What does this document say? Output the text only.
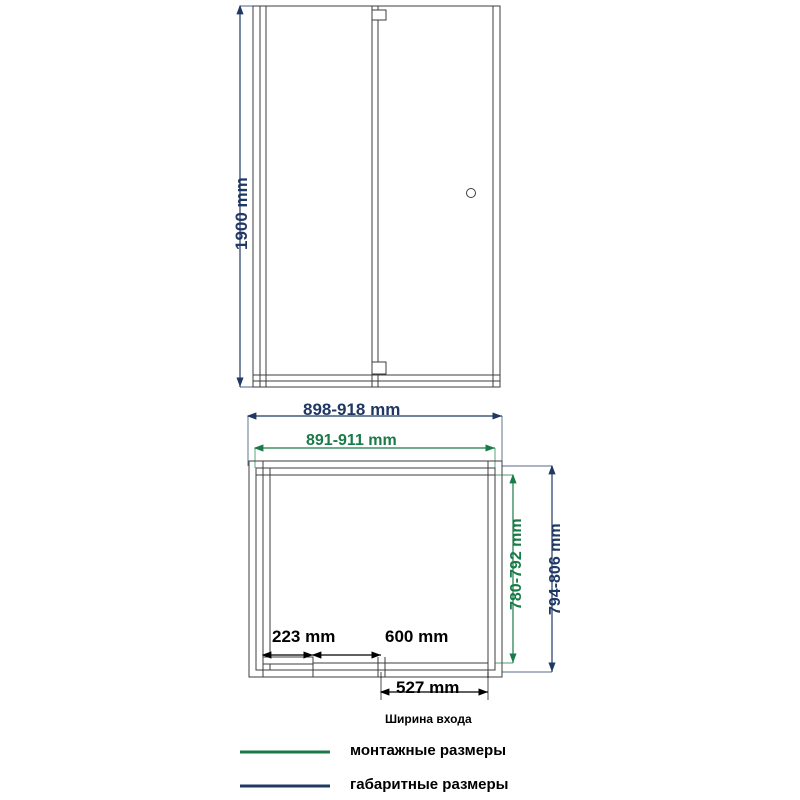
1900 mm
898-918 mm
891-911 mm
780-792 mm 794-806 mm
223 mm	600 mm
527 mm
Ширина входа
монтажные размеры
габаритные размеры
